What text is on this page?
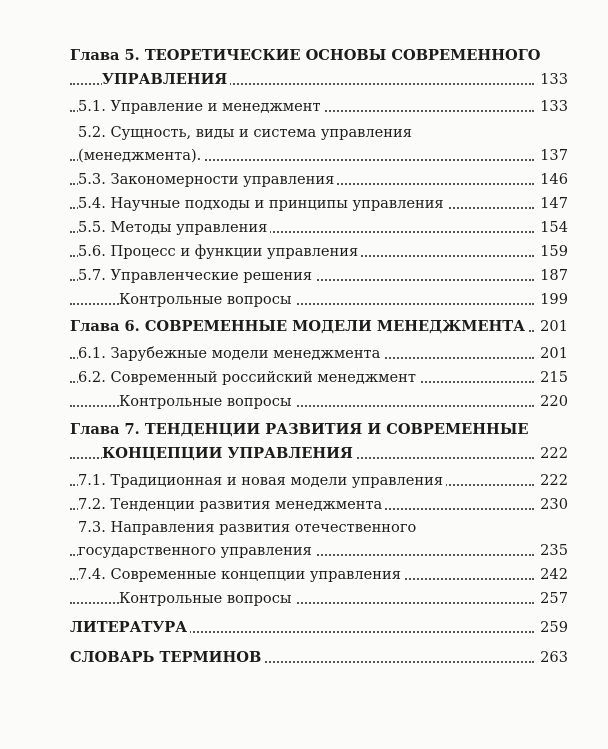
Глава 5. ТЕОРЕТИЧЕСКИЕ ОСНОВЫ СОВРЕМЕННОГО
УПРАВЛЕНИЯ	133
5.1. Управление и менеджмент	133
5.2. Сущность, виды и система управления
(менеджмента).	137
5.3. Закономерности управления	146
5.4. Научные подходы и принципы управления	147
5.5. Методы управления	154
5.6. Процесс и функции управления	159
5.7. Управленческие решения	187
Контрольные вопросы	199
Глава 6. СОВРЕМЕННЫЕ МОДЕЛИ МЕНЕДЖМЕНТА 201
6.1. Зарубежные модели менеджмента	201
6.2. Современный российский менеджмент	215
Контрольные вопросы	220
Глава 7. ТЕНДЕНЦИИ РАЗВИТИЯ И СОВРЕМЕННЫЕ
КОНЦЕПЦИИ УПРАВЛЕНИЯ	222
7.1. Традиционная и новая модели управления	222
7.2. Тенденции развития менеджмента	230
7.3. Направления развития отечественного
государственного управления	235
7.4. Современные концепции управления	242
Контрольные вопросы	257
ЛИТЕРАТУРА	259
СЛОВАРЬ ТЕРМИНОВ	263
